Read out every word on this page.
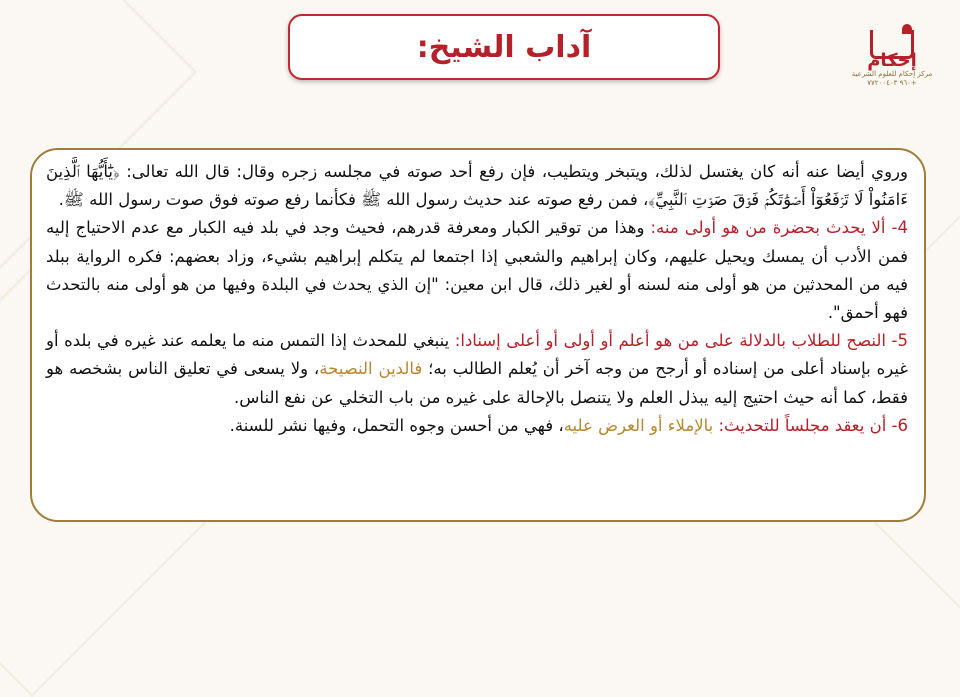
آداب الشيخ:	إحكام
مركز إحكام للعلوم الشرعية
+٩٦٠ ٧٧٢٠٠٤٠٣

وروي أيضا عنه أنه كان يغتسل لذلك، ويتبخر ويتطيب، فإن رفع أحد صوته في مجلسه زجره وقال: قال الله تعالى: ﴿يَٰٓأَيُّهَا ٱلَّذِينَ ءَامَنُواْ لَا تَرۡفَعُوٓاْ أَصۡوَٰتَكُمۡ فَوۡقَ صَوۡتِ ٱلنَّبِيِّ﴾، فمن رفع صوته عند حديث رسول الله ﷺ فكأنما رفع صوته فوق صوت رسول الله ﷺ.

4- ألا يحدث بحضرة من هو أولى منه: وهذا من توقير الكبار ومعرفة قدرهم، فحيث وجد في بلد فيه الكبار مع عدم الاحتياج إليه فمن الأدب أن يمسك ويحيل عليهم، وكان إبراهيم والشعبي إذا اجتمعا لم يتكلم إبراهيم بشيء، وزاد بعضهم: فكره الرواية ببلد فيه من المحدثين من هو أولى منه لسنه أو لغير ذلك، قال ابن معين: "إن الذي يحدث في البلدة وفيها من هو أولى منه بالتحدث فهو أحمق".

5- النصح للطلاب بالدلالة على من هو أعلم أو أولى أو أعلى إسنادا: ينبغي للمحدث إذا التمس منه ما يعلمه عند غيره في بلده أو غيره بإسناد أعلى من إسناده أو أرجح من وجه آخر أن يُعلم الطالب به؛ فالدين النصيحة، ولا يسعى في تعليق الناس بشخصه هو فقط، كما أنه حيث احتيج إليه يبذل العلم ولا يتنصل بالإحالة على غيره من باب التخلي عن نفع الناس.

6- أن يعقد مجلساً للتحديث: بالإملاء أو العرض عليه، فهي من أحسن وجوه التحمل، وفيها نشر للسنة.
